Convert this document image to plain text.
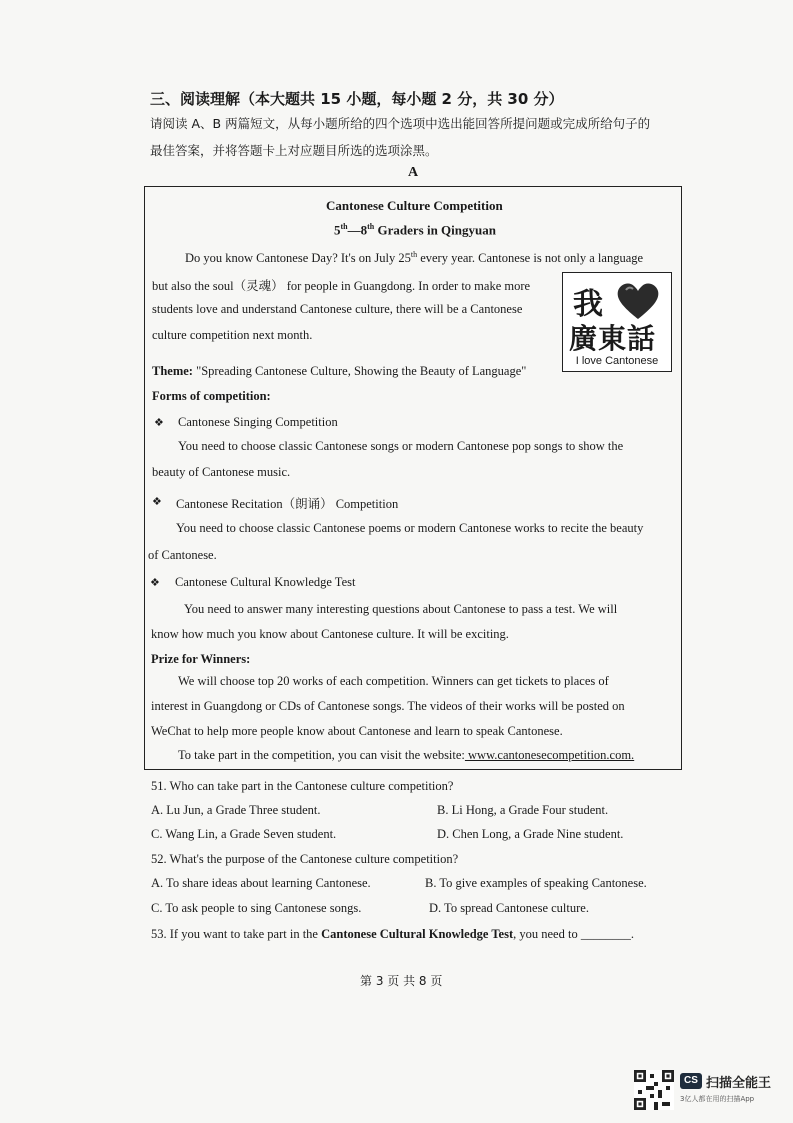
三、阅读理解（本大题共 15 小题，每小题 2 分，共 30 分）
请阅读 A、B 两篇短文，从每小题所给的四个选项中选出能回答所提问题或完成所给句子的
最佳答案，并将答题卡上对应题目所选的选项涂黑。
A
Cantonese Culture Competition
5th—8th Graders in Qingyuan
Do you know Cantonese Day? It's on July 25th every year. Cantonese is not only a language
but also the soul（灵魂） for people in Guangdong. In order to make more
students love and understand Cantonese culture, there will be a Cantonese
culture competition next month.
我
廣東話
I love Cantonese
Theme: "Spreading Cantonese Culture, Showing the Beauty of Language"
Forms of competition:
❖ Cantonese Singing Competition
You need to choose classic Cantonese songs or modern Cantonese pop songs to show the
beauty of Cantonese music.
❖ Cantonese Recitation（朗诵） Competition
You need to choose classic Cantonese poems or modern Cantonese works to recite the beauty
of Cantonese.
❖ Cantonese Cultural Knowledge Test
You need to answer many interesting questions about Cantonese to pass a test. We will
know how much you know about Cantonese culture. It will be exciting.
Prize for Winners:
We will choose top 20 works of each competition. Winners can get tickets to places of
interest in Guangdong or CDs of Cantonese songs. The videos of their works will be posted on
WeChat to help more people know about Cantonese and learn to speak Cantonese.
To take part in the competition, you can visit the website: www.cantonesecompetition.com.
51. Who can take part in the Cantonese culture competition?
A. Lu Jun, a Grade Three student.	B. Li Hong, a Grade Four student.
C. Wang Lin, a Grade Seven student.	D. Chen Long, a Grade Nine student.
52. What's the purpose of the Cantonese culture competition?
A. To share ideas about learning Cantonese.	B. To give examples of speaking Cantonese.
C. To ask people to sing Cantonese songs.	D. To spread Cantonese culture.
53. If you want to take part in the Cantonese Cultural Knowledge Test, you need to ________.
第 3 页 共 8 页
CS 扫描全能王
3亿人都在用的扫描App
